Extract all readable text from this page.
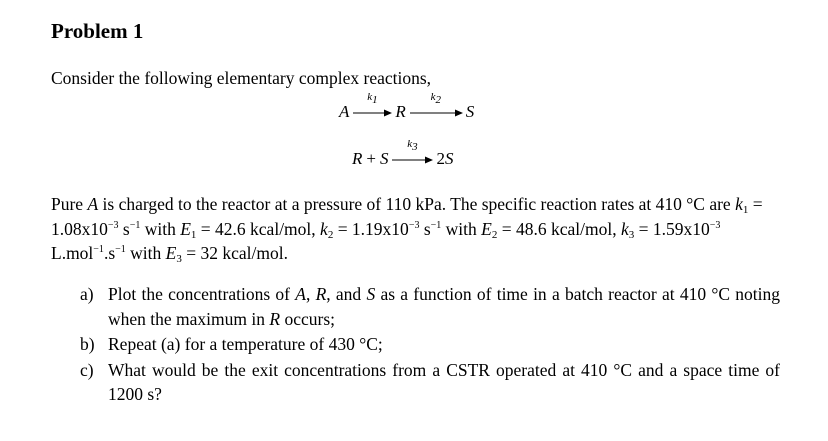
Problem 1

Consider the following elementary complex reactions,

A
$k_1$
R
$k_2$
S
R + S
$k_3$
2 S

Pure A is charged to the reactor at a pressure of 110 kPa. The specific reaction rates at 410 °C are $k_1 = 1.08x10^{-3}$ $s^{-1}$ with $E_1 = 42.6$ kcal/mol, $k_2 = 1.19x10^{-3}$ $s^{-1}$ with $E_2 = 48.6$ kcal/mol, $k_3 = 1.59x10^{-3}$ $L.mol^{-1}.s^{-1}$ with $E_3 = 32$ kcal/mol.

a) Plot the concentrations of A, R, and S as a function of time in a batch reactor at 410 °C noting when the maximum in R occurs;
b) Repeat (a) for a temperature of 430 °C;
c) What would be the exit concentrations from a CSTR operated at 410 °C and a space time of 1200 s?
